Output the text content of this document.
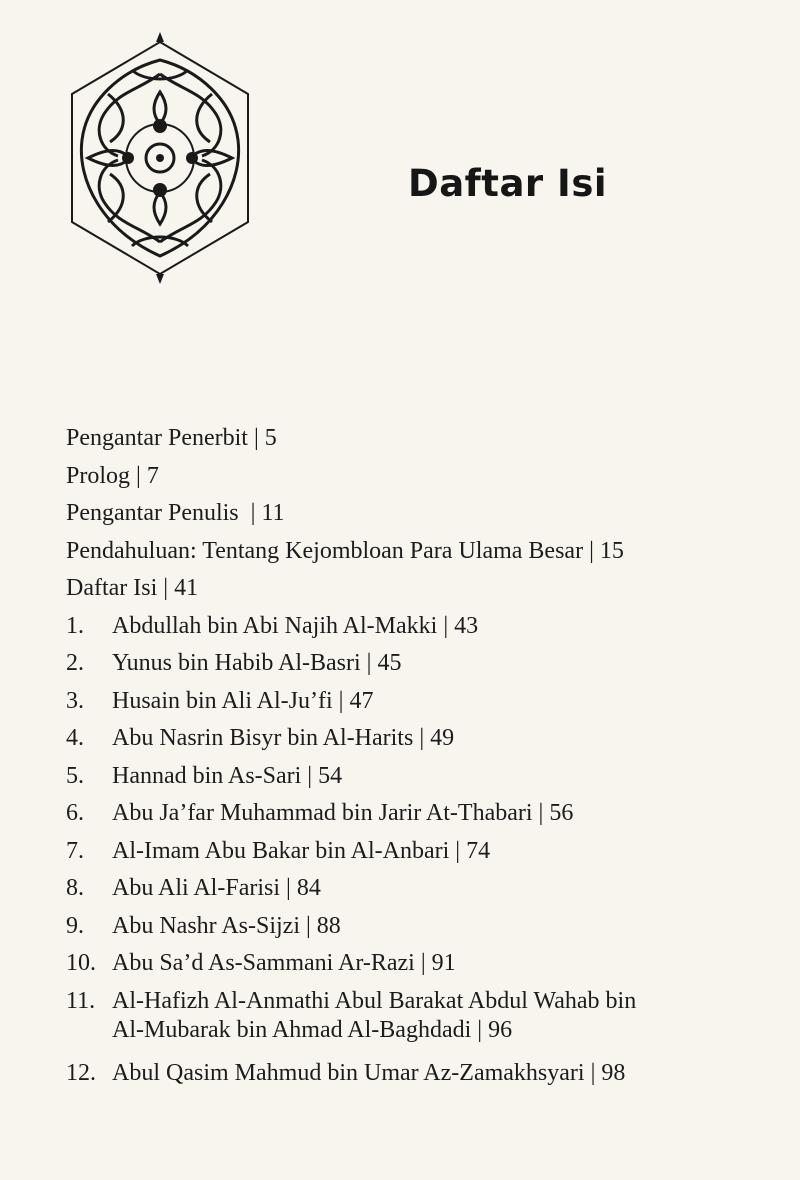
Daftar Isi
Pengantar Penerbit | 5
Prolog | 7
Pengantar Penulis  | 11
Pendahuluan: Tentang Kejombloan Para Ulama Besar | 15
Daftar Isi | 41
1.	Abdullah bin Abi Najih Al-Makki | 43
2.	Yunus bin Habib Al-Basri | 45
3.	Husain bin Ali Al-Ju’fi | 47
4.	Abu Nasrin Bisyr bin Al-Harits | 49
5.	Hannad bin As-Sari | 54
6.	Abu Ja’far Muhammad bin Jarir At-Thabari | 56
7.	Al-Imam Abu Bakar bin Al-Anbari | 74
8.	Abu Ali Al-Farisi | 84
9.	Abu Nashr As-Sijzi | 88
10. Abu Sa’d As-Sammani Ar-Razi | 91
11. Al-Hafizh Al-Anmathi Abul Barakat Abdul Wahab bin
Al-Mubarak bin Ahmad Al-Baghdadi | 96
12. Abul Qasim Mahmud bin Umar Az-Zamakhsyari | 98
